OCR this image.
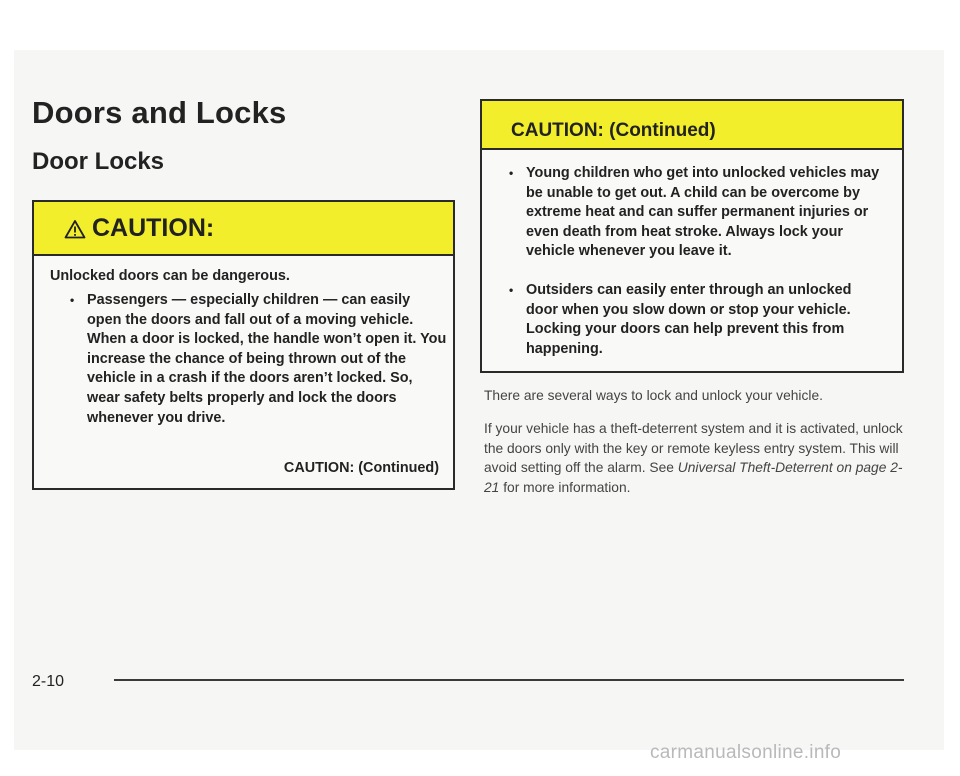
Doors and Locks
Door Locks
CAUTION:
Unlocked doors can be dangerous.
• Passengers — especially children — can easily open the doors and fall out of a moving vehicle. When a door is locked, the handle won’t open it. You increase the chance of being thrown out of the vehicle in a crash if the doors aren’t locked. So, wear safety belts properly and lock the doors whenever you drive.
CAUTION: (Continued)
CAUTION: (Continued)
• Young children who get into unlocked vehicles may be unable to get out. A child can be overcome by extreme heat and can suffer permanent injuries or even death from heat stroke. Always lock your vehicle whenever you leave it.
• Outsiders can easily enter through an unlocked door when you slow down or stop your vehicle. Locking your doors can help prevent this from happening.

There are several ways to lock and unlock your vehicle.

If your vehicle has a theft-deterrent system and it is activated, unlock the doors only with the key or remote keyless entry system. This will avoid setting off the alarm. See Universal Theft-Deterrent on page 2-21 for more information.

2-10
carmanualsonline.info
